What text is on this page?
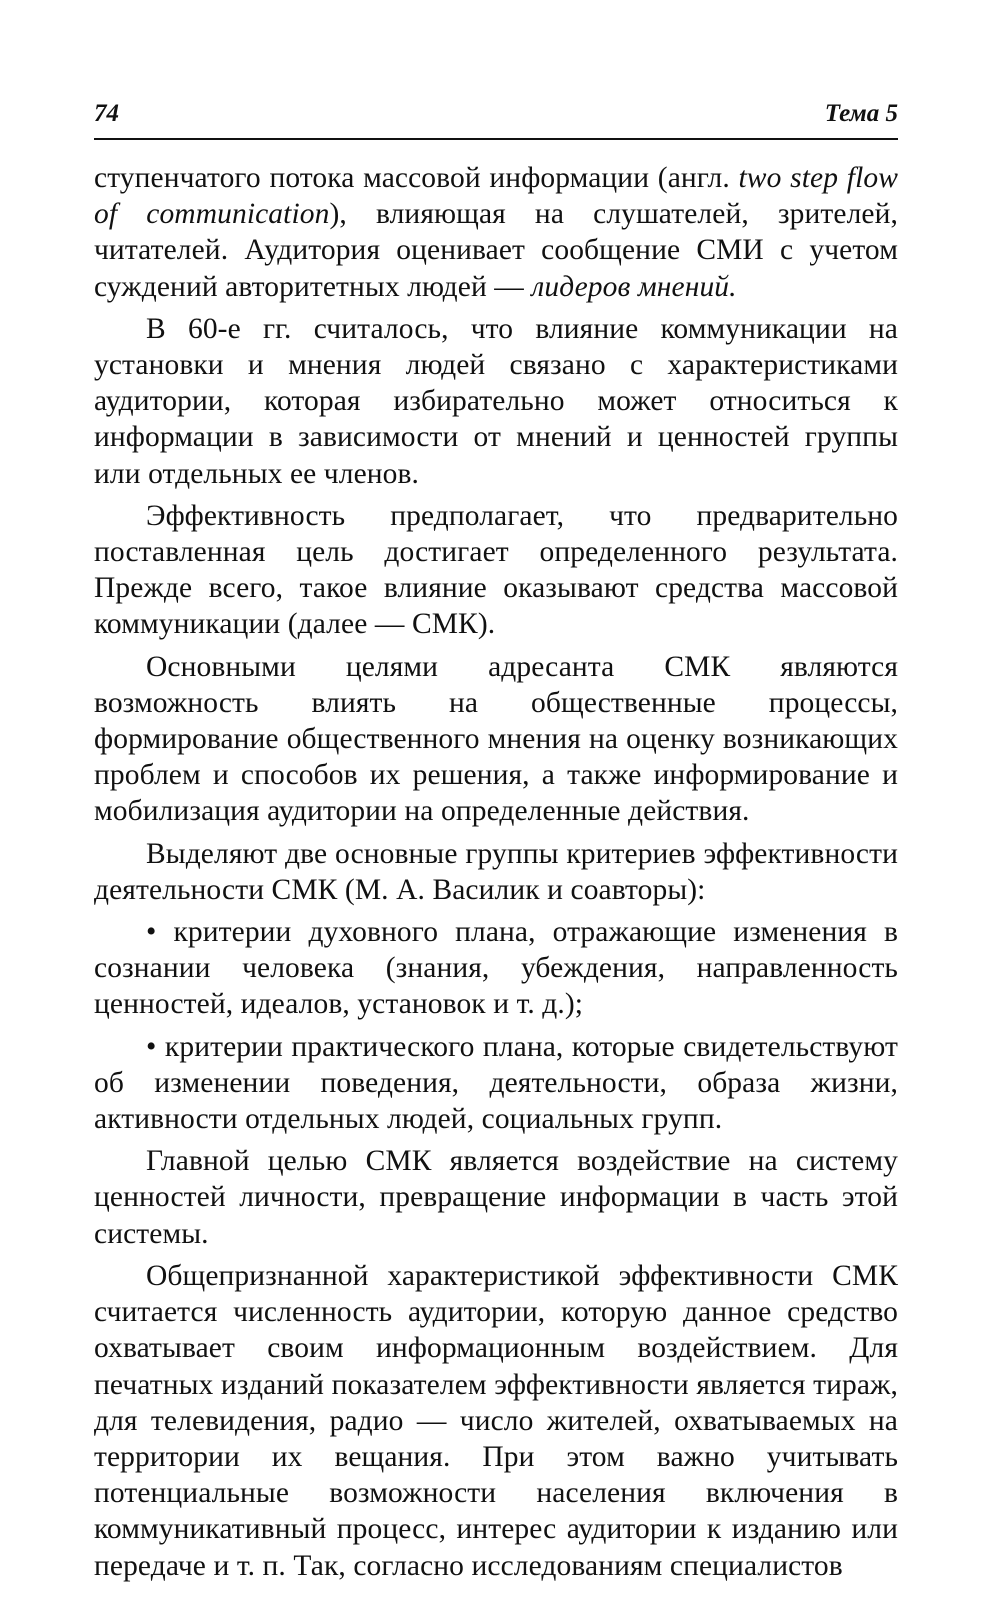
74	Тема 5

ступенчатого потока массовой информации (англ. two step flow of communication), влияющая на слушателей, зрителей, читателей. Аудитория оценивает сообщение СМИ с учетом суждений авторитетных людей — лидеров мнений.

В 60-е гг. считалось, что влияние коммуникации на установки и мнения людей связано с характеристиками аудитории, которая избирательно может относиться к информации в зависимости от мнений и ценностей группы или отдельных ее членов.

Эффективность предполагает, что предварительно поставленная цель достигает определенного результата. Прежде всего, такое влияние оказывают средства массовой коммуникации (далее — СМК).

Основными целями адресанта СМК являются возможность влиять на общественные процессы, формирование общественного мнения на оценку возникающих проблем и способов их решения, а также информирование и мобилизация аудитории на определенные действия.

Выделяют две основные группы критериев эффективности деятельности СМК (М. А. Василик и соавторы):

• критерии духовного плана, отражающие изменения в сознании человека (знания, убеждения, направленность ценностей, идеалов, установок и т. д.);

• критерии практического плана, которые свидетельствуют об изменении поведения, деятельности, образа жизни, активности отдельных людей, социальных групп.

Главной целью СМК является воздействие на систему ценностей личности, превращение информации в часть этой системы.

Общепризнанной характеристикой эффективности СМК считается численность аудитории, которую данное средство охватывает своим информационным воздействием. Для печатных изданий показателем эффективности является тираж, для телевидения, радио — число жителей, охватываемых на территории их вещания. При этом важно учитывать потенциальные возможности населения включения в коммуникативный процесс, интерес аудитории к изданию или передаче и т. п. Так, согласно исследованиям специалистов
